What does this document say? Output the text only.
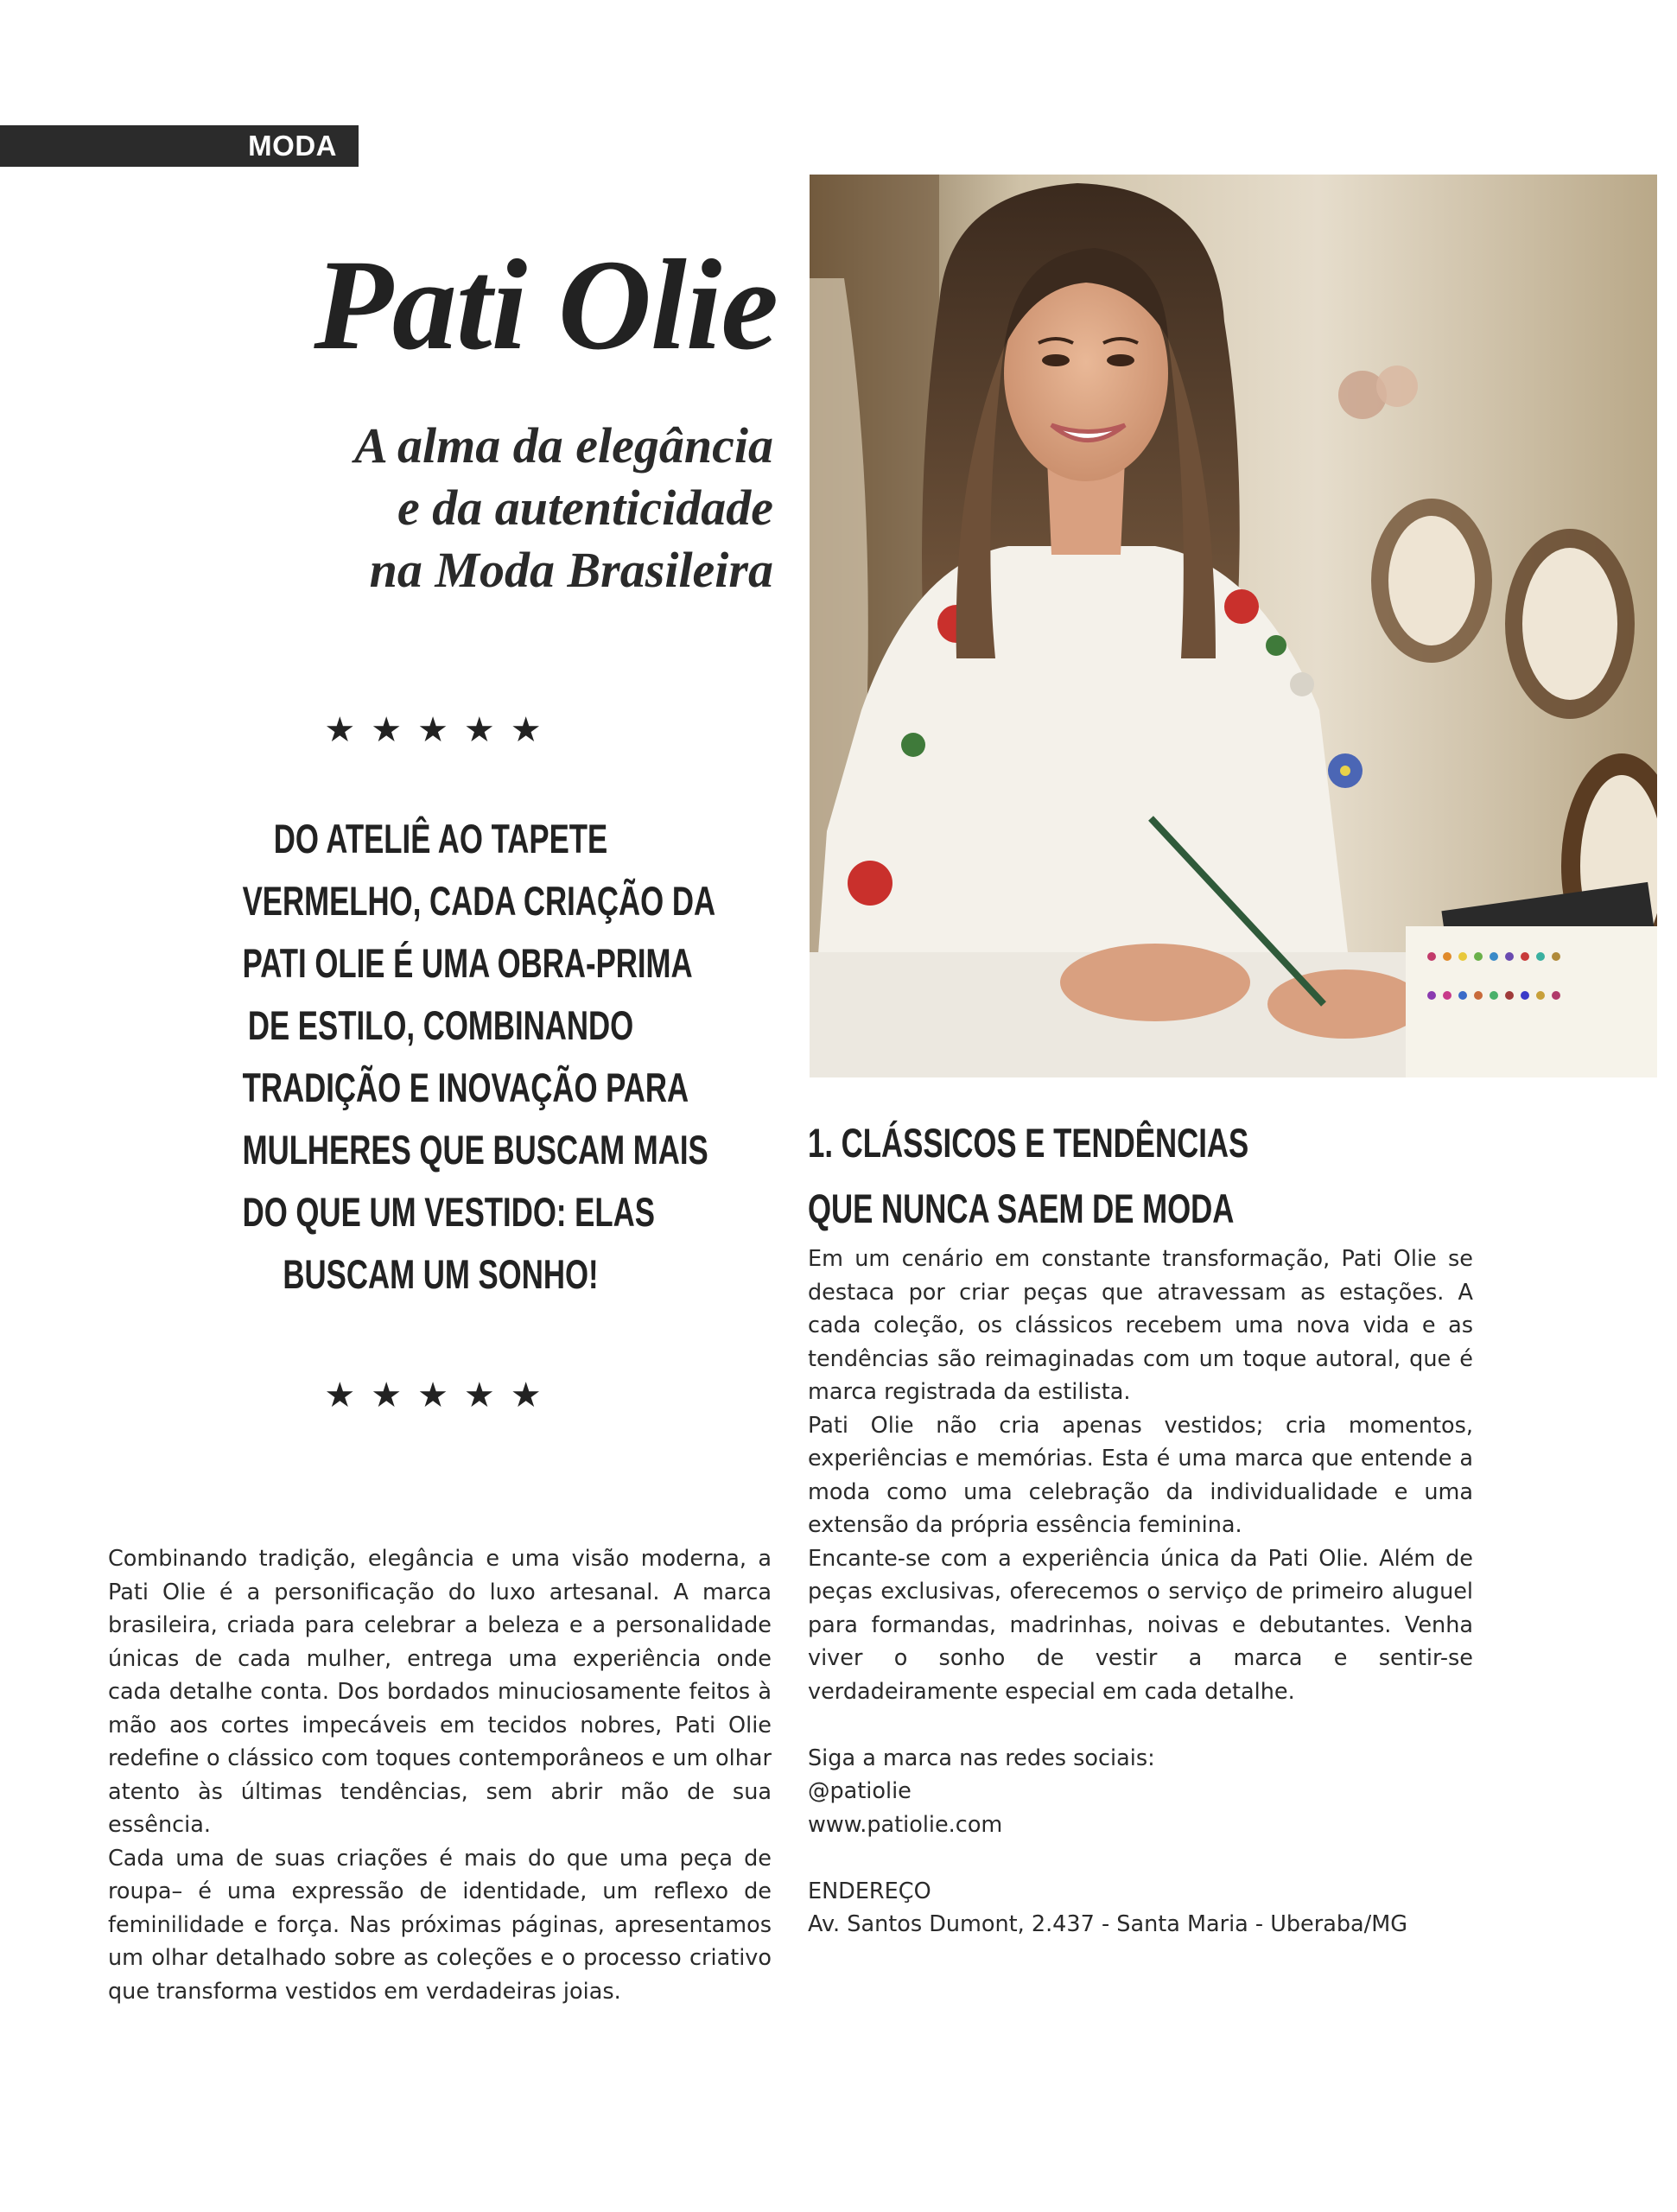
MODA
Pati Olie
A alma da elegância
e da autenticidade
na Moda Brasileira
★★★★★
DO ATELIÊ AO TAPETE
VERMELHO, CADA CRIAÇÃO DA
PATI OLIE É UMA OBRA-PRIMA
DE ESTILO, COMBINANDO
TRADIÇÃO E INOVAÇÃO PARA
MULHERES QUE BUSCAM MAIS
DO QUE UM VESTIDO: ELAS
BUSCAM UM SONHO!
★★★★★

Combinando tradição, elegância e uma visão moderna, a Pati Olie é a personificação do luxo artesanal. A marca brasileira, criada para celebrar a beleza e a personalidade únicas de cada mulher, entrega uma experiência onde cada detalhe conta. Dos bordados minuciosamente feitos à mão aos cortes impecáveis em tecidos nobres, Pati Olie redefine o clássico com toques contemporâneos e um olhar atento às últimas tendências, sem abrir mão de sua essência.

Cada uma de suas criações é mais do que uma peça de roupa– é uma expressão de identidade, um reflexo de feminilidade e força. Nas próximas páginas, apresentamos um olhar detalhado sobre as coleções e o processo criativo que transforma vestidos em verdadeiras joias.

1. CLÁSSICOS E TENDÊNCIAS
QUE NUNCA SAEM DE MODA

Em um cenário em constante transformação, Pati Olie se destaca por criar peças que atravessam as estações. A cada coleção, os clássicos recebem uma nova vida e as tendências são reimaginadas com um toque autoral, que é marca registrada da estilista.

Pati Olie não cria apenas vestidos; cria momentos, experiências e memórias. Esta é uma marca que entende a moda como uma celebração da individualidade e uma extensão da própria essência feminina.

Encante-se com a experiência única da Pati Olie. Além de peças exclusivas, oferecemos o serviço de primeiro aluguel para formandas, madrinhas, noivas e debutantes. Venha viver o sonho de vestir a marca e sentir-se verdadeiramente especial em cada detalhe.

Siga a marca nas redes sociais:

@patiolie

www.patiolie.com

ENDEREÇO

Av. Santos Dumont, 2.437 - Santa Maria - Uberaba/MG
